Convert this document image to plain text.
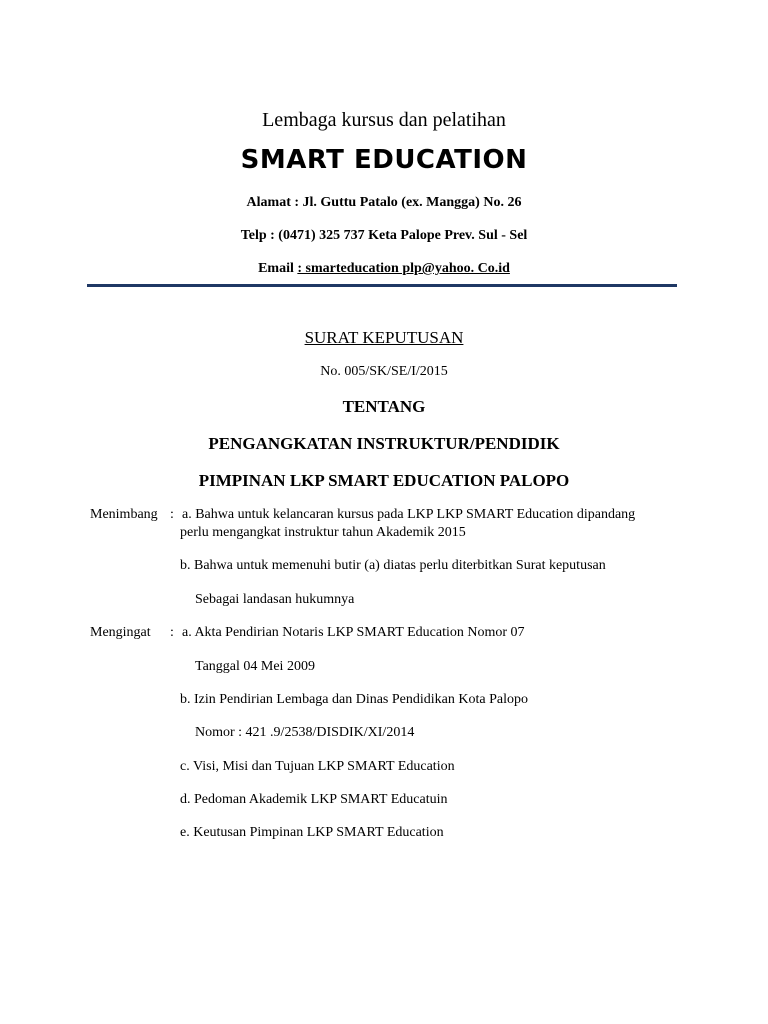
Lembaga kursus dan pelatihan
SMART EDUCATION
Alamat : Jl. Guttu Patalo (ex. Mangga) No. 26
Telp : (0471) 325 737 Keta Palope Prev. Sul - Sel
Email : smarteducation plp@yahoo. Co.id
SURAT KEPUTUSAN
No. 005/SK/SE/I/2015
TENTANG
PENGANGKATAN INSTRUKTUR/PENDIDIK
PIMPINAN LKP SMART EDUCATION PALOPO
Menimbang : a. Bahwa untuk kelancaran kursus pada LKP LKP SMART Education dipandang
perlu mengangkat instruktur tahun Akademik 2015
b. Bahwa untuk memenuhi butir (a) diatas perlu diterbitkan Surat keputusan
Sebagai landasan hukumnya
Mengingat : a. Akta Pendirian Notaris LKP SMART Education Nomor 07
Tanggal 04 Mei 2009
b. Izin Pendirian Lembaga dan Dinas Pendidikan Kota Palopo
Nomor : 421 .9/2538/DISDIK/XI/2014
c. Visi, Misi dan Tujuan LKP SMART Education
d. Pedoman Akademik LKP SMART Educatuin
e. Keutusan Pimpinan LKP SMART Education
